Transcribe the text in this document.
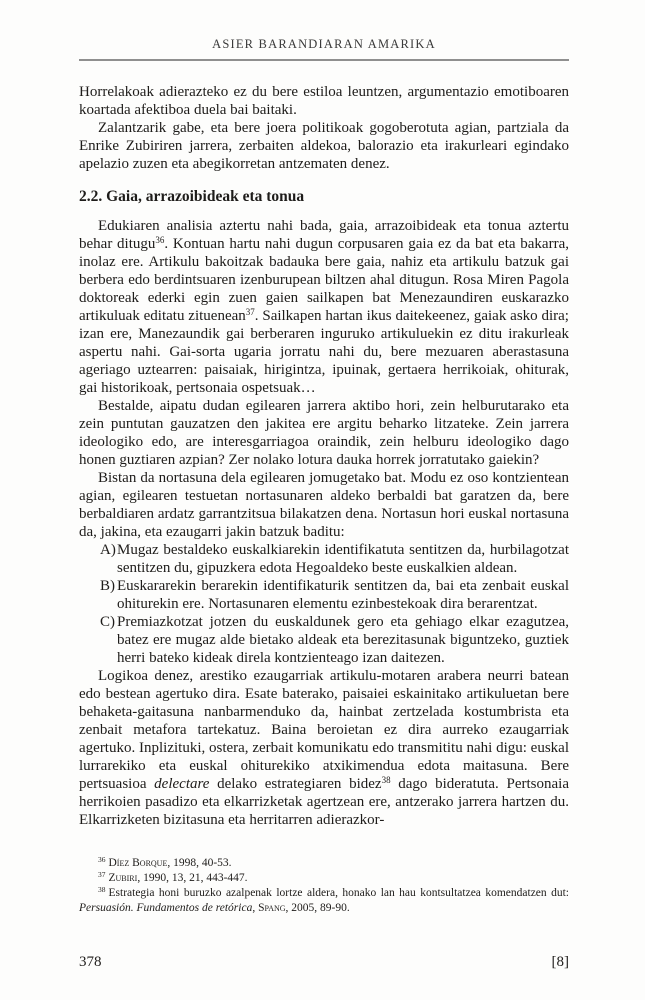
ASIER BARANDIARAN AMARIKA

Horrelakoak adierazteko ez du bere estiloa leuntzen, argumentazio emotiboaren koartada afektiboa duela bai baitaki.

Zalantzarik gabe, eta bere joera politikoak gogoberotuta agian, partziala da Enrike Zubiriren jarrera, zerbaiten aldekoa, balorazio eta irakurleari egindako apelazio zuzen eta abegikorretan antzematen denez.

2.2. Gaia, arrazoibideak eta tonua

Edukiaren analisia aztertu nahi bada, gaia, arrazoibideak eta tonua aztertu behar ditugu$^{36}$. Kontuan hartu nahi dugun corpusaren gaia ez da bat eta bakarra, inolaz ere. Artikulu bakoitzak badauka bere gaia, nahiz eta artikulu batzuk gai berbera edo berdintsuaren izenburupean biltzen ahal ditugun. Rosa Miren Pagola doktoreak ederki egin zuen gaien sailkapen bat Menezaundiren euskarazko artikuluak editatu zituenean$^{37}$. Sailkapen hartan ikus daitekeenez, gaiak asko dira; izan ere, Manezaundik gai berberaren inguruko artikuluekin ez ditu irakurleak aspertu nahi. Gai-sorta ugaria jorratu nahi du, bere mezuaren aberastasuna ageriago uztearren: paisaiak, hirigintza, ipuinak, gertaera herrikoiak, ohiturak, gai historikoak, pertsonaia ospetsuak…

Bestalde, aipatu dudan egilearen jarrera aktibo hori, zein helburutarako eta zein puntutan gauzatzen den jakitea ere argitu beharko litzateke. Zein jarrera ideologiko edo, are interesgarriagoa oraindik, zein helburu ideologiko dago honen guztiaren azpian? Zer nolako lotura dauka horrek jorratutako gaiekin?

Bistan da nortasuna dela egilearen jomugetako bat. Modu ez oso kontzientean agian, egilearen testuetan nortasunaren aldeko berbaldi bat garatzen da, bere berbaldiaren ardatz garrantzitsua bilakatzen dena. Nortasun hori euskal nortasuna da, jakina, eta ezaugarri jakin batzuk baditu:

A) Mugaz bestaldeko euskalkiarekin identifikatuta sentitzen da, hurbilagotzat sentitzen du, gipuzkera edota Hegoaldeko beste euskalkien aldean.
B) Euskararekin berarekin identifikaturik sentitzen da, bai eta zenbait euskal ohiturekin ere. Nortasunaren elementu ezinbestekoak dira berarentzat.
C) Premiazkotzat jotzen du euskaldunek gero eta gehiago elkar ezagutzea, batez ere mugaz alde bietako aldeak eta berezitasunak biguntzeko, guztiek herri bateko kideak direla kontzienteago izan daitezen.

Logikoa denez, arestiko ezaugarriak artikulu-motaren arabera neurri batean edo bestean agertuko dira. Esate baterako, paisaiei eskainitako artikuluetan bere behaketa-gaitasuna nanbarmenduko da, hainbat zertzelada kostumbrista eta zenbait metafora tartekatuz. Baina beroietan ez dira aurreko ezaugarriak agertuko. Inplizituki, ostera, zerbait komunikatu edo transmititu nahi digu: euskal lurrarekiko eta euskal ohiturekiko atxikimendua edota maitasuna. Bere pertsuasioa delectare delako estrategiaren bidez$^{38}$ dago bideratuta. Pertsonaia herrikoien pasadizo eta elkarrizketak agertzean ere, antzerako jarrera hartzen du. Elkarrizketen bizitasuna eta herritarren adierazkor-

$^{36}$ Díez Borque, 1998, 40-53.

$^{37}$ Zubiri, 1990, 13, 21, 443-447.

$^{38}$ Estrategia honi buruzko azalpenak lortze aldera, honako lan hau kontsultatzea komendatzen dut: Persuasión. Fundamentos de retórica, Spang, 2005, 89-90.

378	[8]
